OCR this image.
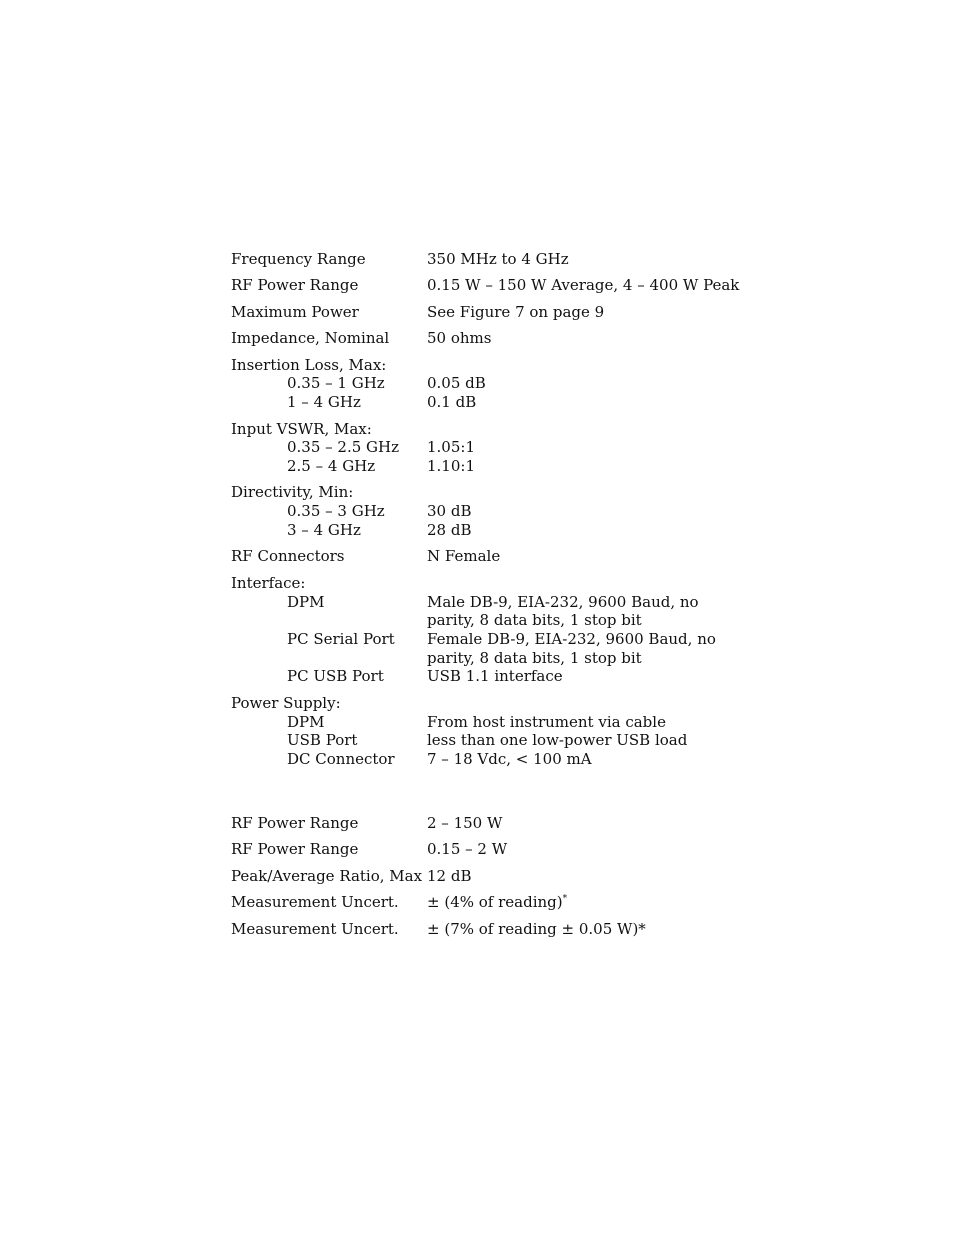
Frequency Range	350 MHz to 4 GHz
RF Power Range	0.15 W – 150 W Average, 4 – 400 W Peak
Maximum Power	See Figure 7 on page 9
Impedance, Nominal	50 ohms
Insertion Loss, Max:
0.35 – 1 GHz	0.05 dB
1 – 4 GHz	0.1 dB
Input VSWR, Max:
0.35 – 2.5 GHz 1.05:1
2.5 – 4 GHz	1.10:1
Directivity, Min:
0.35 – 3 GHz	30 dB
3 – 4 GHz	28 dB
RF Connectors	N Female
Interface:
DPM	Male DB-9, EIA-232, 9600 Baud, no
parity, 8 data bits, 1 stop bit
PC Serial Port Female DB-9, EIA-232, 9600 Baud, no
parity, 8 data bits, 1 stop bit
PC USB Port	USB 1.1 interface
Power Supply:
DPM	From host instrument via cable
USB Port	less than one low-power USB load
DC Connector 7 – 18 Vdc, < 100 mA
RF Power Range	2 – 150 W
RF Power Range	0.15 – 2 W
Peak/Average Ratio, Max 12 dB
Measurement Uncert. ± (4% of reading)*
Measurement Uncert. ± (7% of reading ± 0.05 W)*
